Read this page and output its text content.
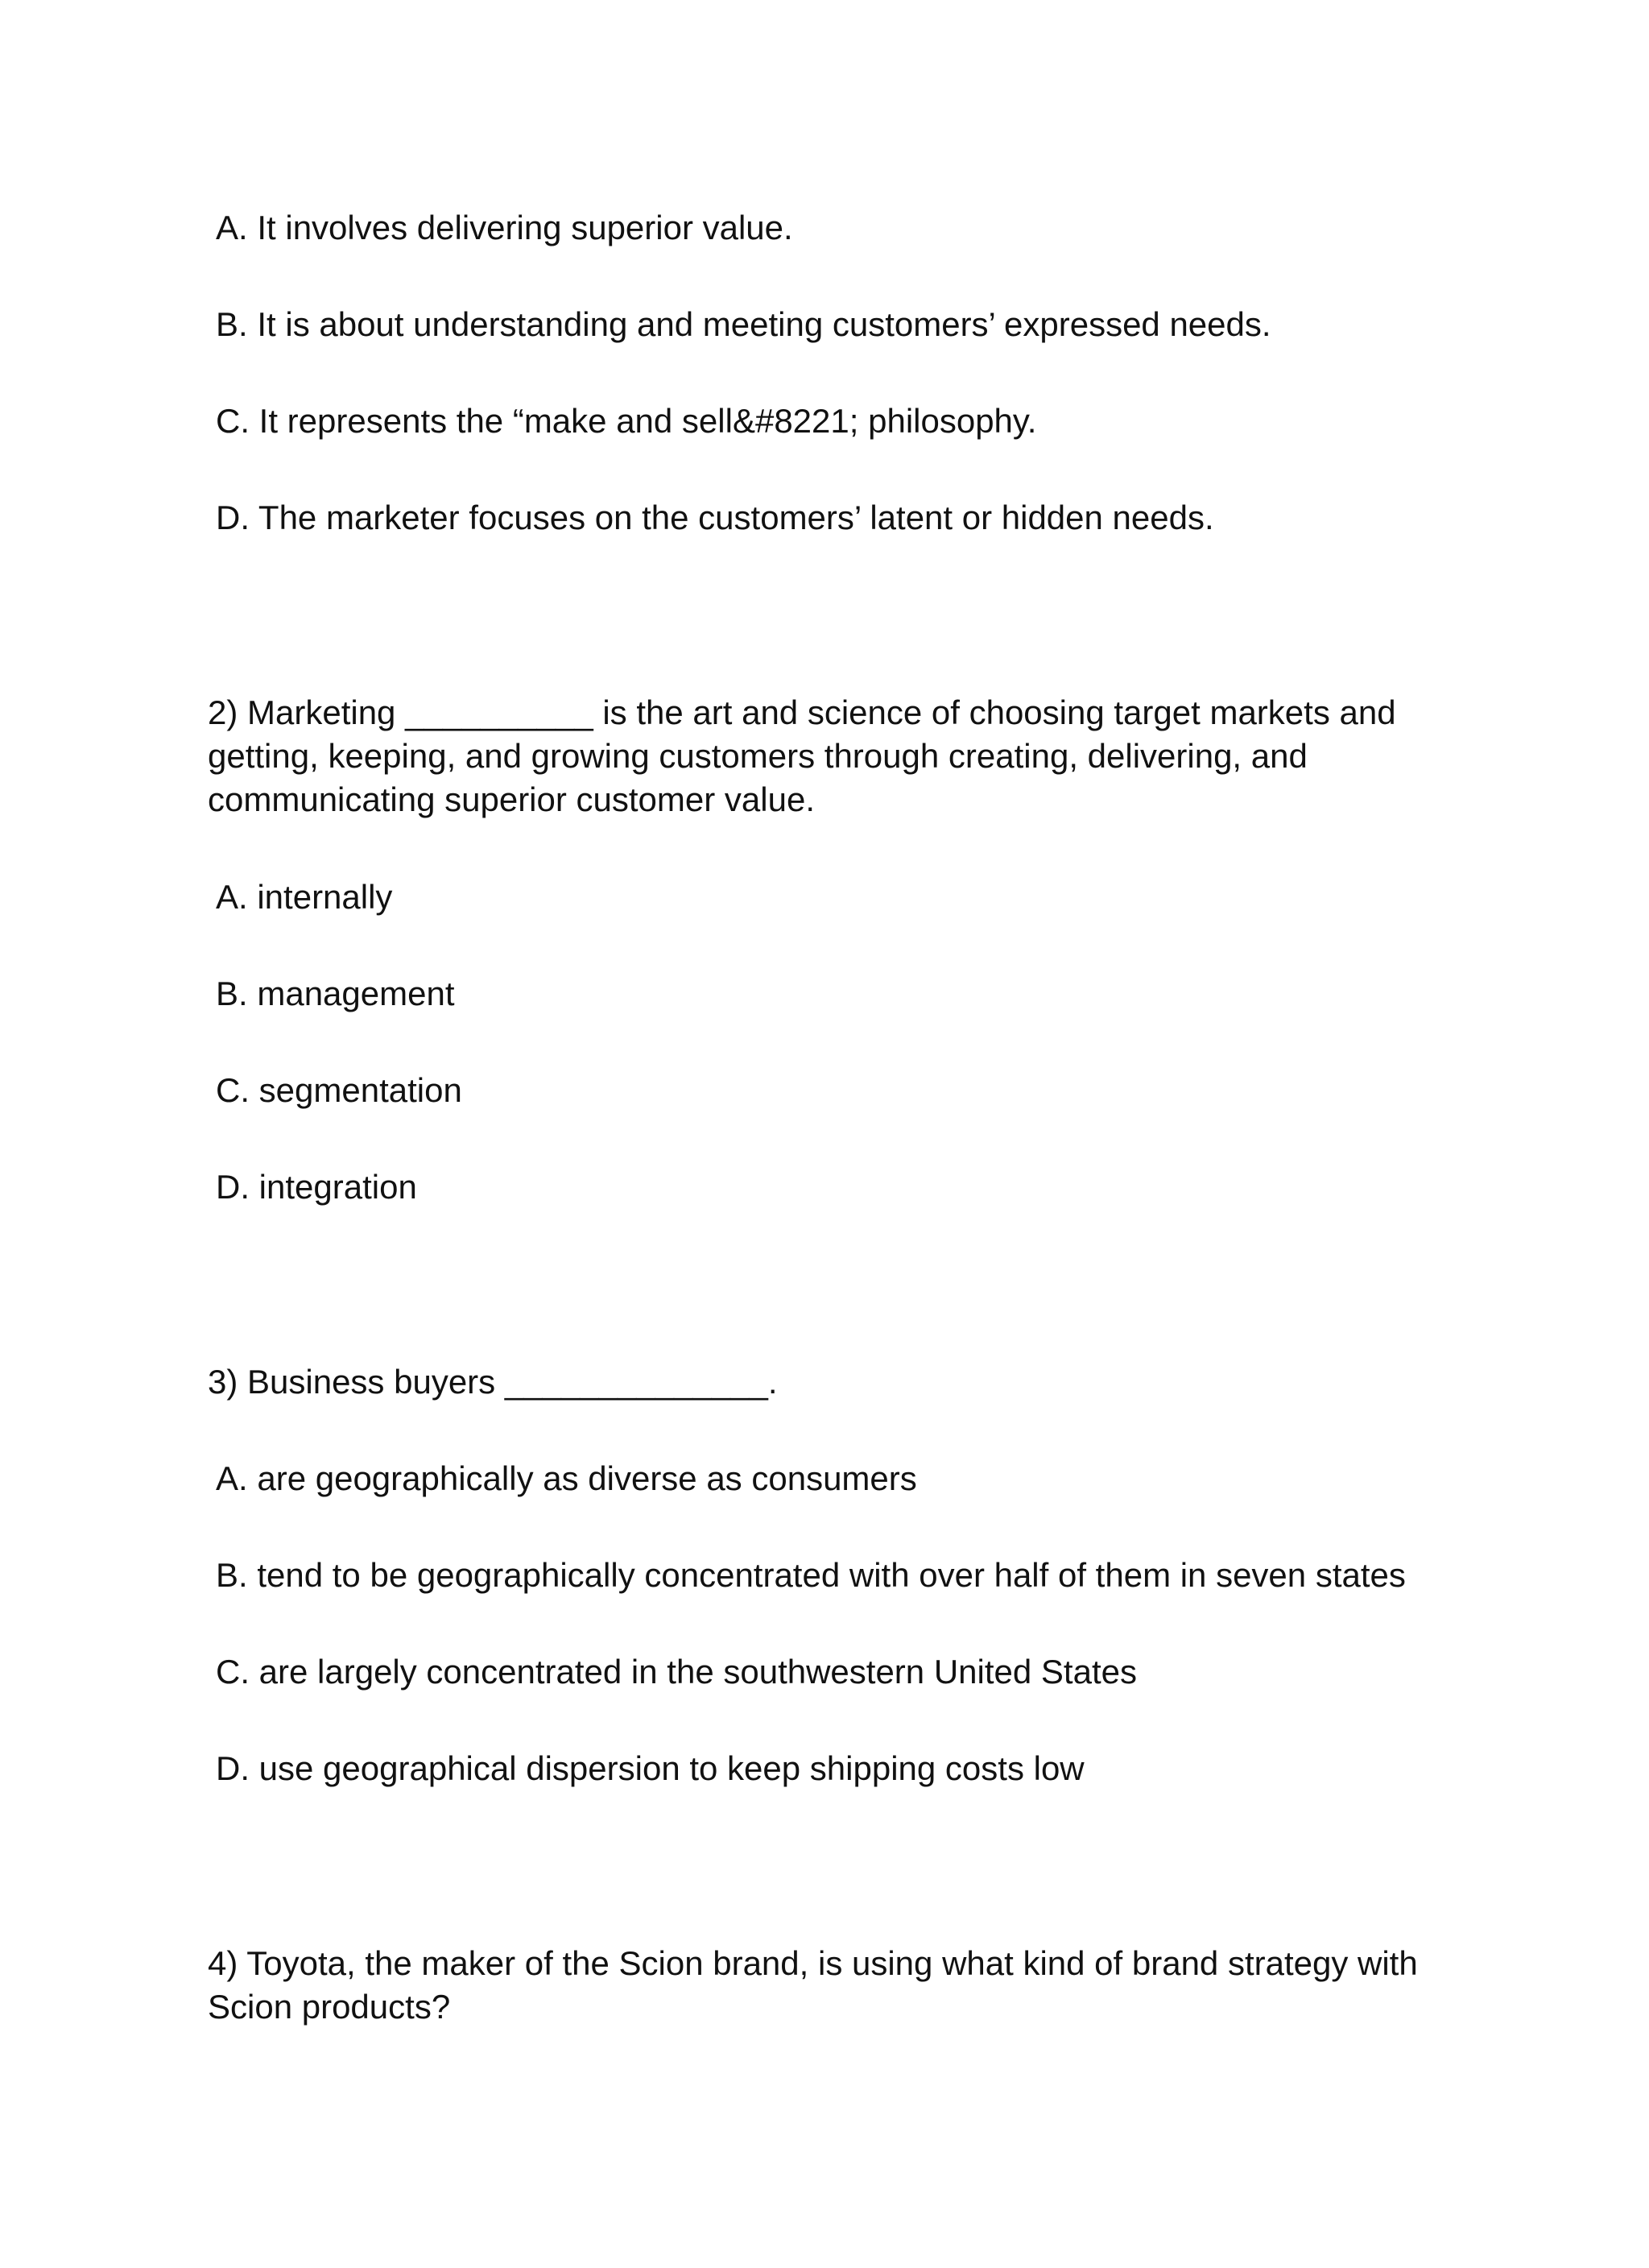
A. It involves delivering superior value.

B. It is about understanding and meeting customers’ expressed needs.

C. It represents the “make and sell&#8221; philosophy.

D. The marketer focuses on the customers’ latent or hidden needs.

2) Marketing __________ is the art and science of choosing target markets and

getting, keeping, and growing customers through creating, delivering, and

communicating superior customer value.

A. internally

B. management

C. segmentation

D. integration

3) Business buyers ______________.

A. are geographically as diverse as consumers

B. tend to be geographically concentrated with over half of them in seven states

C. are largely concentrated in the southwestern United States

D. use geographical dispersion to keep shipping costs low

4) Toyota, the maker of the Scion brand, is using what kind of brand strategy with

Scion products?
